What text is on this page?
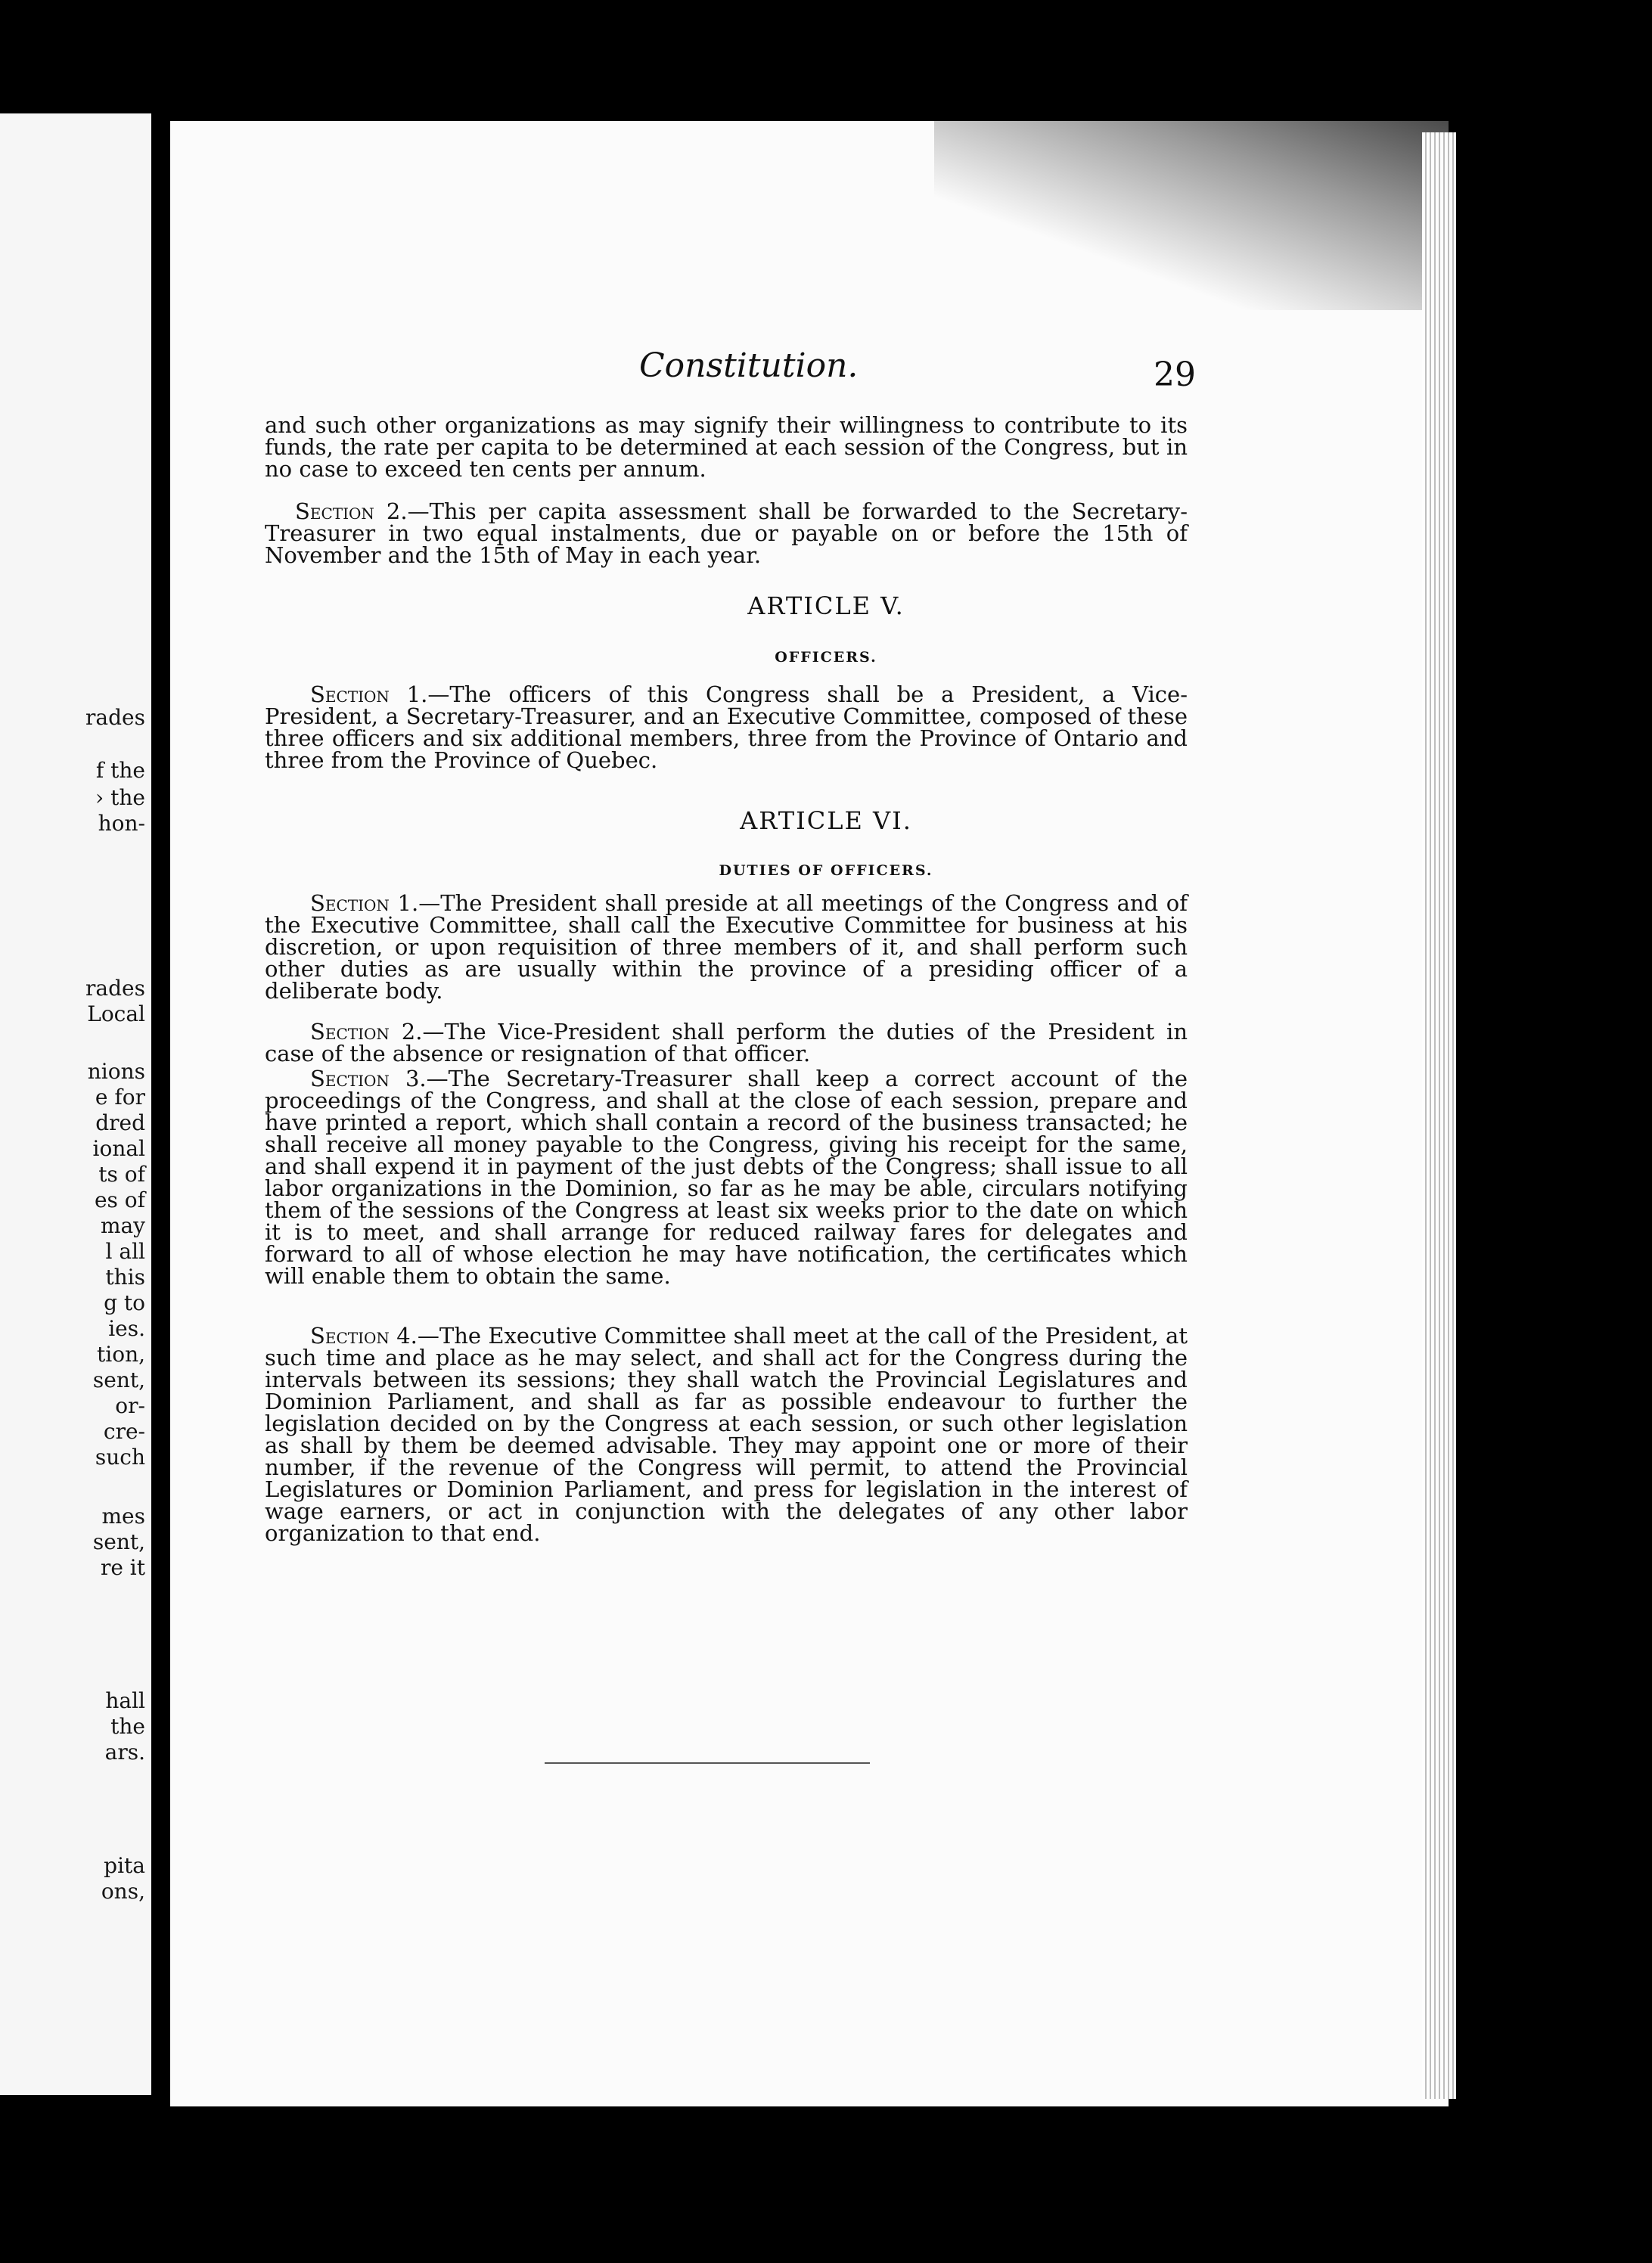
rades
f the
› the
hon-
rades
Local
nions
e for
dred
ional
ts of
es of
may
l all
this
g to
ies.
tion,
sent,
or-
cre-
such
mes
sent,
re it
hall
the
ars.
pita
ons,
Constitution.	29

and such other organizations as may signify their willingness to contribute to its funds, the rate per capita to be determined at each session of the Congress, but in no case to exceed ten cents per annum.

Section 2.—This per capita assessment shall be forwarded to the Secretary-Treasurer in two equal instalments, due or payable on or before the 15th of November and the 15th of May in each year.

ARTICLE V.

OFFICERS.

Section 1.—The officers of this Congress shall be a President, a Vice-President, a Secretary-Treasurer, and an Executive Committee, composed of these three officers and six additional members, three from the Province of Ontario and three from the Province of Quebec.

ARTICLE VI.

DUTIES OF OFFICERS.

Section 1.—The President shall preside at all meetings of the Congress and of the Executive Committee, shall call the Executive Committee for business at his discretion, or upon requisition of three members of it, and shall perform such other duties as are usually within the province of a presiding officer of a deliberate body.

Section 2.—The Vice-President shall perform the duties of the President in case of the absence or resignation of that officer.

Section 3.—The Secretary-Treasurer shall keep a correct account of the proceedings of the Congress, and shall at the close of each session, prepare and have printed a report, which shall contain a record of the business transacted; he shall receive all money payable to the Congress, giving his receipt for the same, and shall expend it in payment of the just debts of the Congress; shall issue to all labor organizations in the Dominion, so far as he may be able, circulars notifying them of the sessions of the Congress at least six weeks prior to the date on which it is to meet, and shall arrange for reduced railway fares for delegates and forward to all of whose election he may have notification, the certificates which will enable them to obtain the same.

Section 4.—The Executive Committee shall meet at the call of the President, at such time and place as he may select, and shall act for the Congress during the intervals between its sessions; they shall watch the Provincial Legislatures and Dominion Parliament, and shall as far as possible endeavour to further the legislation decided on by the Congress at each session, or such other legislation as shall by them be deemed advisable. They may appoint one or more of their number, if the revenue of the Congress will permit, to attend the Provincial Legislatures or Dominion Parliament, and press for legislation in the interest of wage earners, or act in conjunction with the delegates of any other labor organization to that end.
